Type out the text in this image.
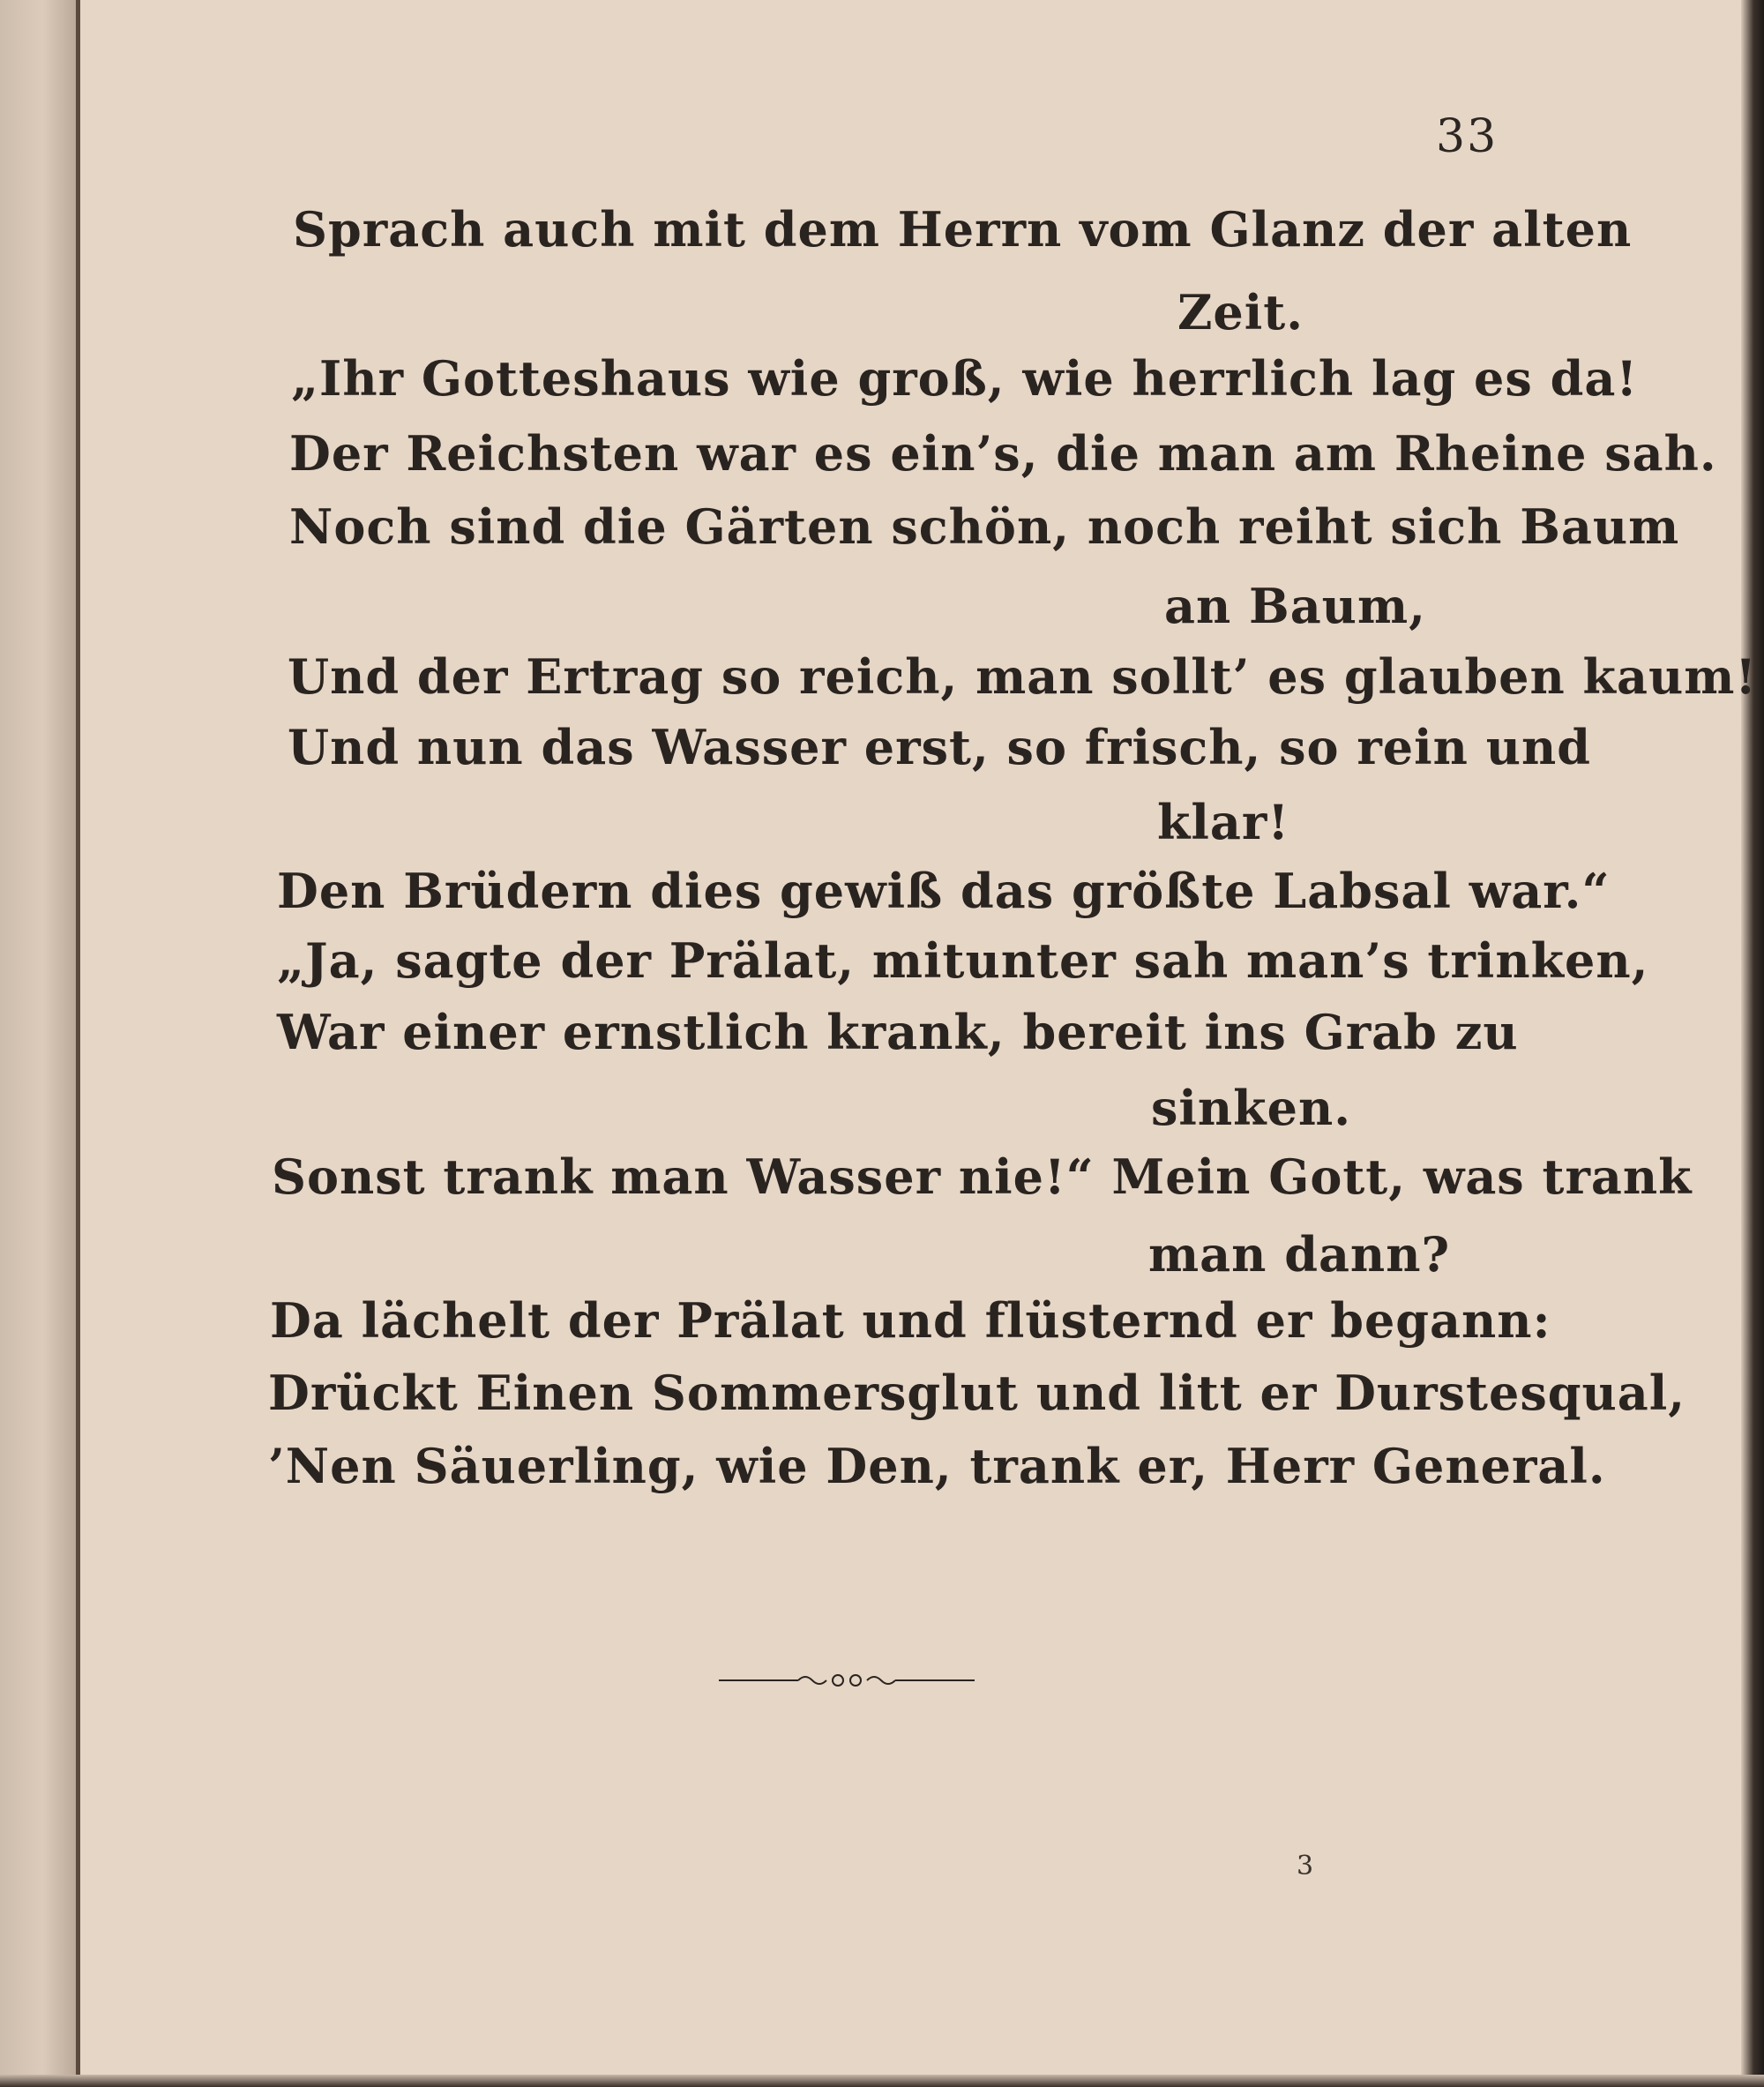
33
Sprach auch mit dem Herrn vom Glanz der alten
Zeit.
„Ihr Gotteshaus wie groß, wie herrlich lag es da!
Der Reichsten war es ein’s, die man am Rheine sah.
Noch sind die Gärten schön, noch reiht sich Baum
an Baum,
Und der Ertrag so reich, man sollt’ es glauben kaum!
Und nun das Wasser erst, so frisch, so rein und
klar!
Den Brüdern dies gewiß das größte Labsal war.“
„Ja, sagte der Prälat, mitunter sah man’s trinken,
War einer ernstlich krank, bereit ins Grab zu
sinken.
Sonst trank man Wasser nie!“ Mein Gott, was trank
man dann?
Da lächelt der Prälat und flüsternd er begann:
Drückt Einen Sommersglut und litt er Durstesqual,
’Nen Säuerling, wie Den, trank er, Herr General.
3
